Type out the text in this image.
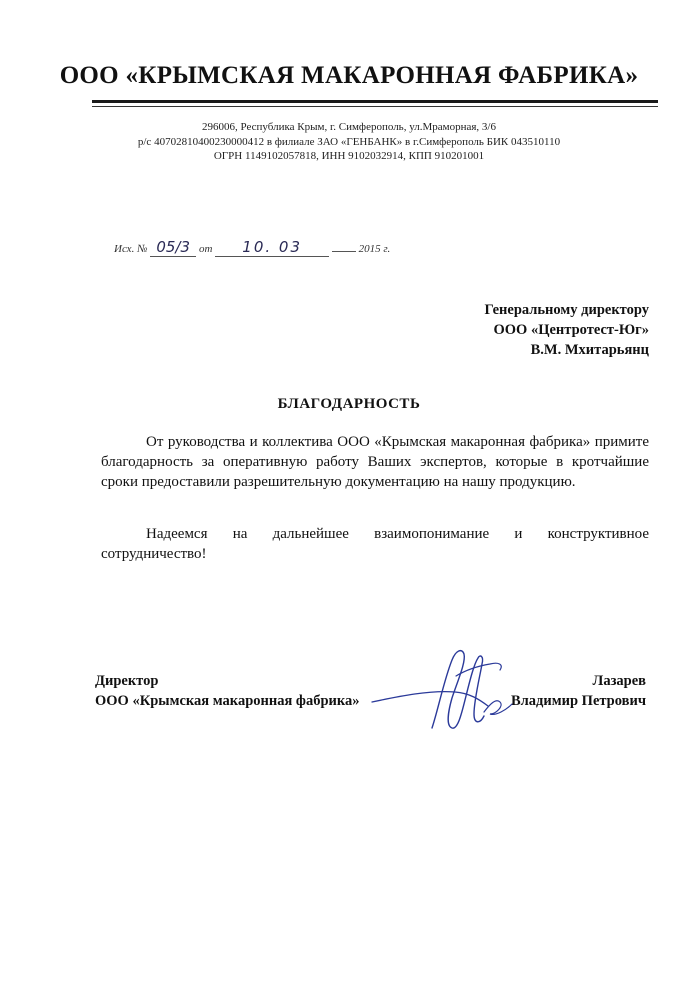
ООО «КРЫМСКАЯ МАКАРОННАЯ ФАБРИКА»
296006, Республика Крым, г. Симферополь, ул.Мраморная, 3/6
р/с 40702810400230000412 в филиале ЗАО «ГЕНБАНК» в г.Симферополь БИК 043510110
ОГРН 1149102057818, ИНН 9102032914, КПП 910201001
Исх. № 05/3 от 10. 03	2015 г.
Генеральному директору
ООО «Центротест-Юг»
В.М. Мхитарьянц
БЛАГОДАРНОСТЬ
От руководства и коллектива ООО «Крымская макаронная фабрика» примите благодарность за оперативную работу Ваших экспертов, которые в кротчайшие сроки предоставили разрешительную документацию на нашу продукцию.
Надеемся на дальнейшее взаимопонимание и конструктивное сотрудничество!
Директор
ООО «Крымская макаронная фабрика»
Лазарев
Владимир Петрович
